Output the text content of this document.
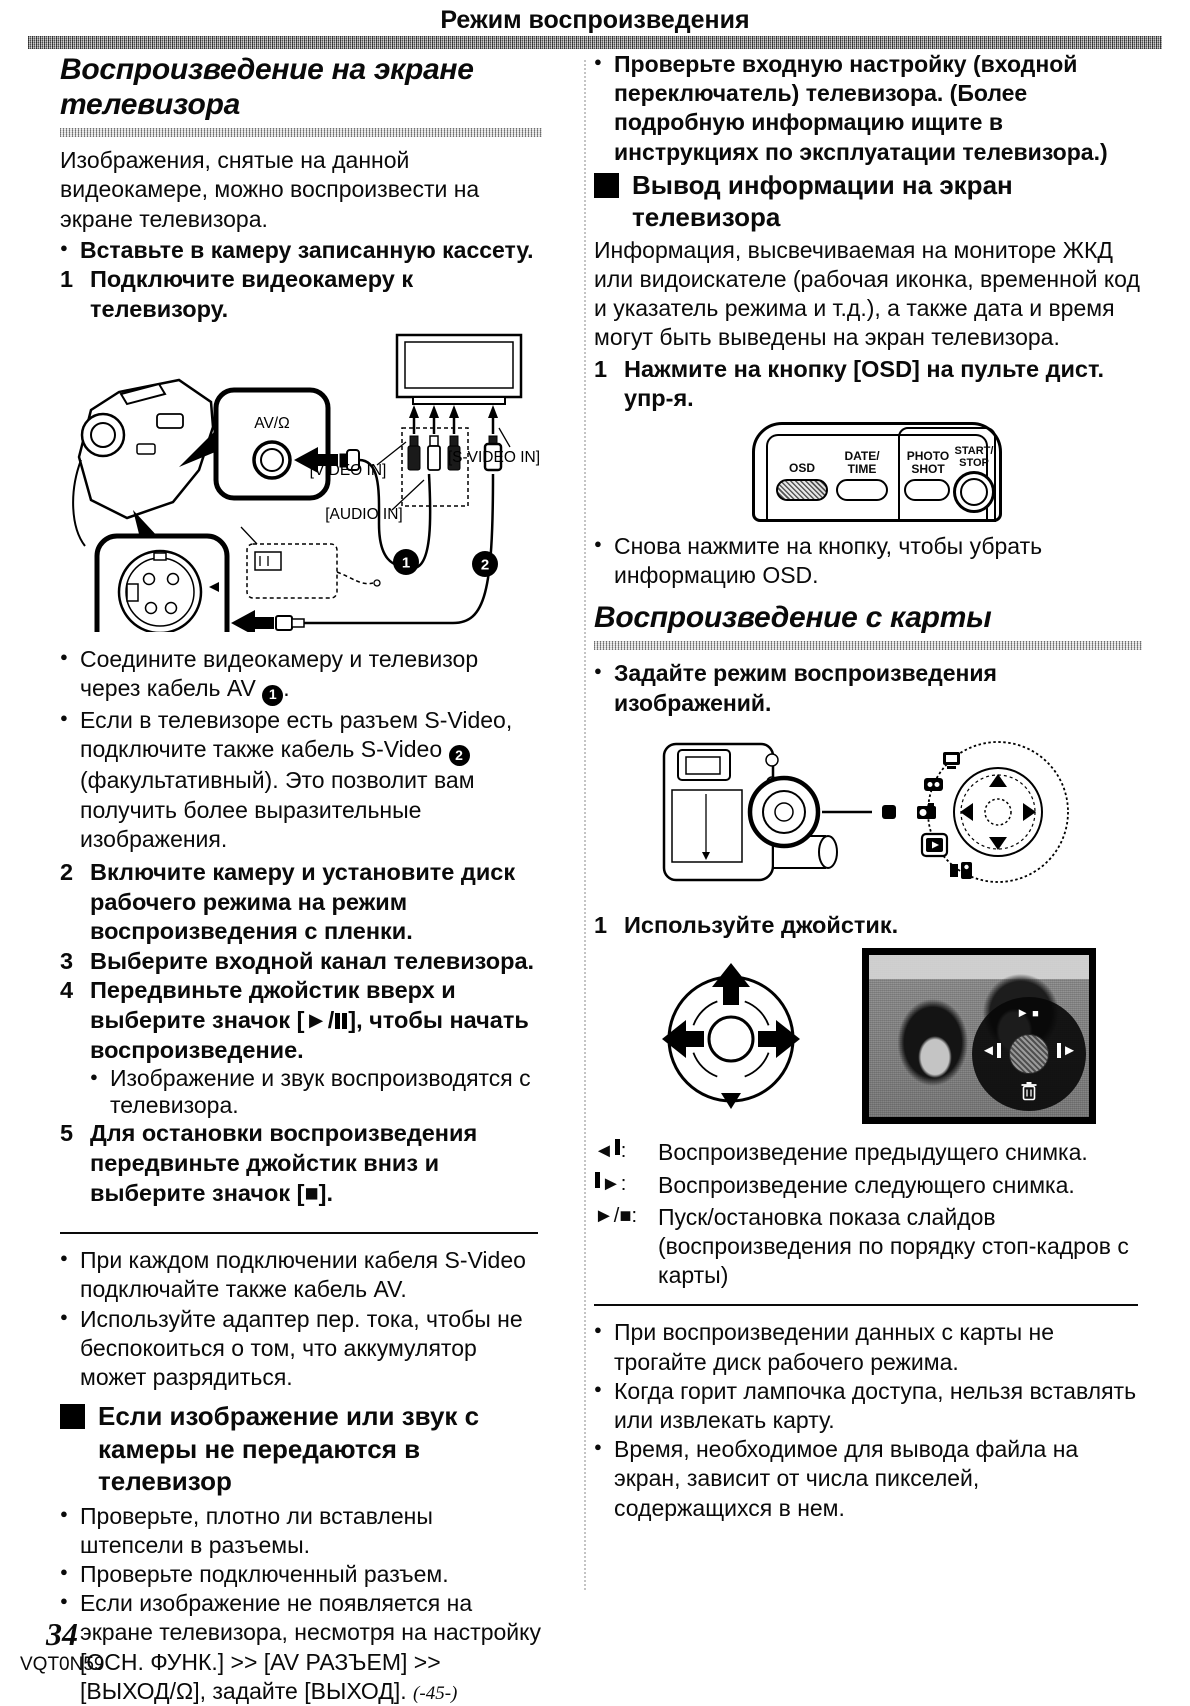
Режим воспроизведения
Воспроизведение на экране телевизора
Изображения, снятые на данной видеокамере, можно воспроизвести на экране телевизора.
● Вставьте в камеру записанную кассету.
1 Подключите видеокамеру к телевизору.
AV/Ω
[VIDEO IN]
[AUDIO IN]
[S-VIDEO IN]
1	2
● Соедините видеокамеру и телевизор через кабель AV 1 .
● Если в телевизоре есть разъем S-Video, подключите также кабель S-Video 2 (факультативный). Это позволит вам получить более выразительные изображения.
2 Включите камеру и установите диск рабочего режима на режим воспроизведения с пленки.
3 Выберите входной канал телевизора.
4 Передвиньте джойстик вверх и выберите значок [►/ ], чтобы начать воспроизведение.
● Изображение и звук воспроизводятся с телевизора.
5 Для остановки воспроизведения передвиньте джойстик вниз и выберите значок [■].
● При каждом подключении кабеля S-Video подключайте также кабель AV.
● Используйте адаптер пер. тока, чтобы не беспокоиться о том, что аккумулятор может разрядиться.
Если изображение или звук с камеры не передаются в телевизор
● Проверьте, плотно ли вставлены штепсели в разъемы.
● Проверьте подключенный разъем.
● Если изображение не появляется на экране телевизора, несмотря на настройку [ОСН. ФУНК.] >> [AV РАЗЪЕМ] >> [ВЫХОД/Ω], задайте [ВЫХОД]. (-45-)
● Проверьте входную настройку (входной переключатель) телевизора. (Более подробную информацию ищите в инструкциях по эксплуатации телевизора.)
Вывод информации на экран телевизора
Информация, высвечиваемая на мониторе ЖКД или видоискателе (рабочая иконка, временной код и указатель режима и т.д.), а также дата и время могут быть выведены на экран телевизора.
1 Нажмите на кнопку [OSD] на пульте дист. упр-я.
OSD
DATE/
TIME
PHOTO
SHOT
START/
STOP
● Снова нажмите на кнопку, чтобы убрать информацию OSD.
Воспроизведение с карты
● Задайте режим воспроизведения изображений.
1 Используйте джойстик.
►■
◄	►
◄ : Воспроизведение предыдущего снимка.
► : Воспроизведение следующего снимка.
►/■ : Пуск/остановка показа слайдов (воспроизведения по порядку стоп-кадров с карты)
● При воспроизведении данных с карты не трогайте диск рабочего режима.
● Когда горит лампочка доступа, нельзя вставлять или извлекать карту.
● Время, необходимое для вывода файла на экран, зависит от числа пикселей, содержащихся в нем.
34
VQT0N59
